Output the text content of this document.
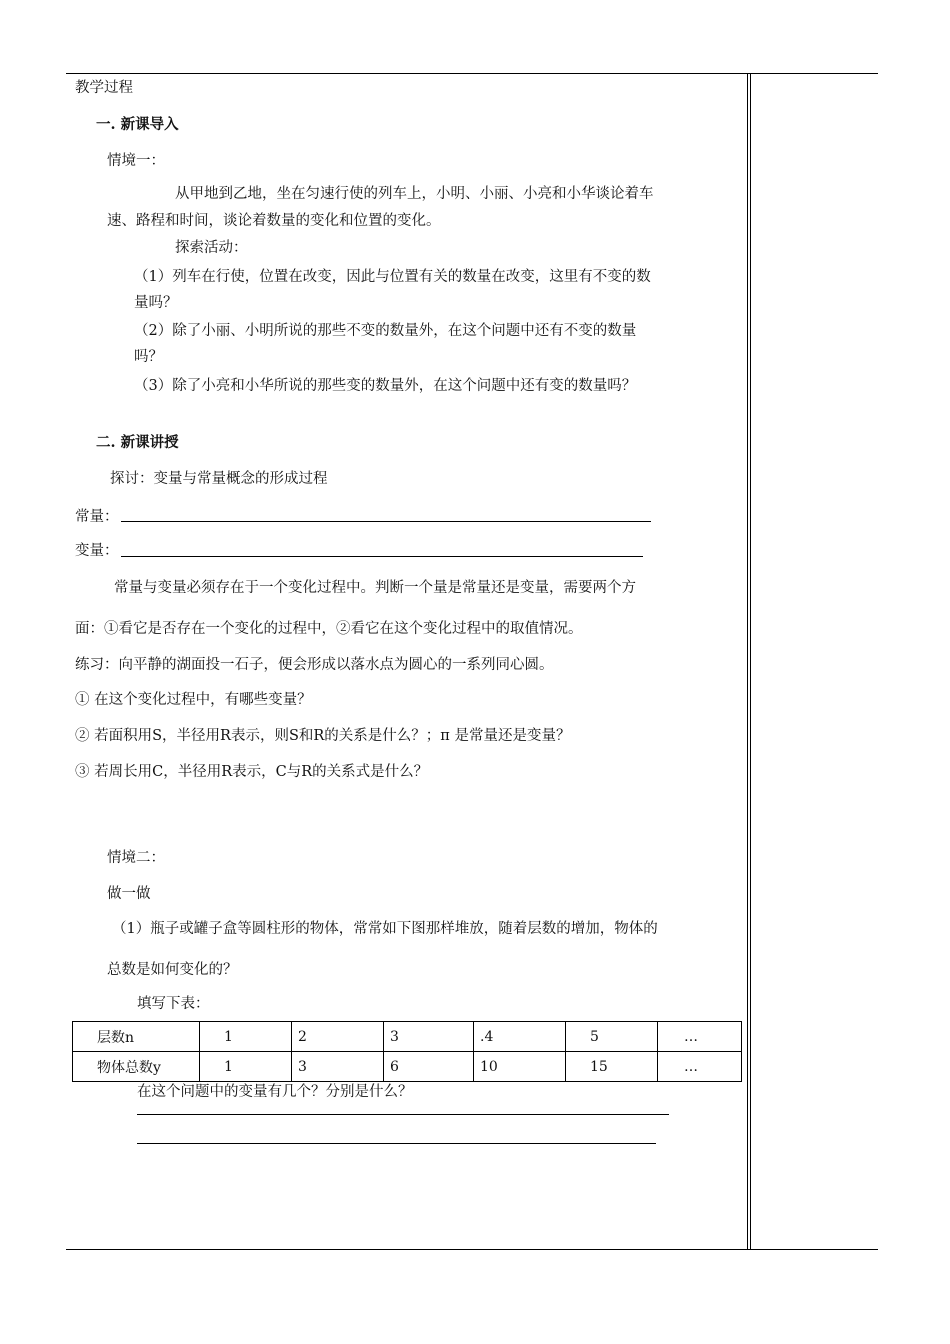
教学过程
一. 新课导入
情境一：
从甲地到乙地，坐在匀速行使的列车上，小明、小丽、小亮和小华谈论着车
速、路程和时间，谈论着数量的变化和位置的变化。
探索活动：
（1）列车在行使，位置在改变，因此与位置有关的数量在改变，这里有不变的数
量吗？
（2）除了小丽、小明所说的那些不变的数量外，在这个问题中还有不变的数量
吗？
（3）除了小亮和小华所说的那些变的数量外，在这个问题中还有变的数量吗？
二. 新课讲授
探讨：变量与常量概念的形成过程
常量：
变量：
常量与变量必须存在于一个变化过程中。判断一个量是常量还是变量，需要两个方
面：①看它是否存在一个变化的过程中，②看它在这个变化过程中的取值情况。
练习：向平静的湖面投一石子，便会形成以落水点为圆心的一系列同心圆。
① 在这个变化过程中，有哪些变量？
② 若面积用S，半径用R表示，则S和R的关系是什么？；π 是常量还是变量？
③ 若周长用C，半径用R表示，C与R的关系式是什么？
情境二：
做一做
（1）瓶子或罐子盒等圆柱形的物体，常常如下图那样堆放，随着层数的增加，物体的
总数是如何变化的？
填写下表：
层数n	1	2	3	.4	5	…
物体总数y	1	3	6	10	15	…
在这个问题中的变量有几个？分别是什么？
